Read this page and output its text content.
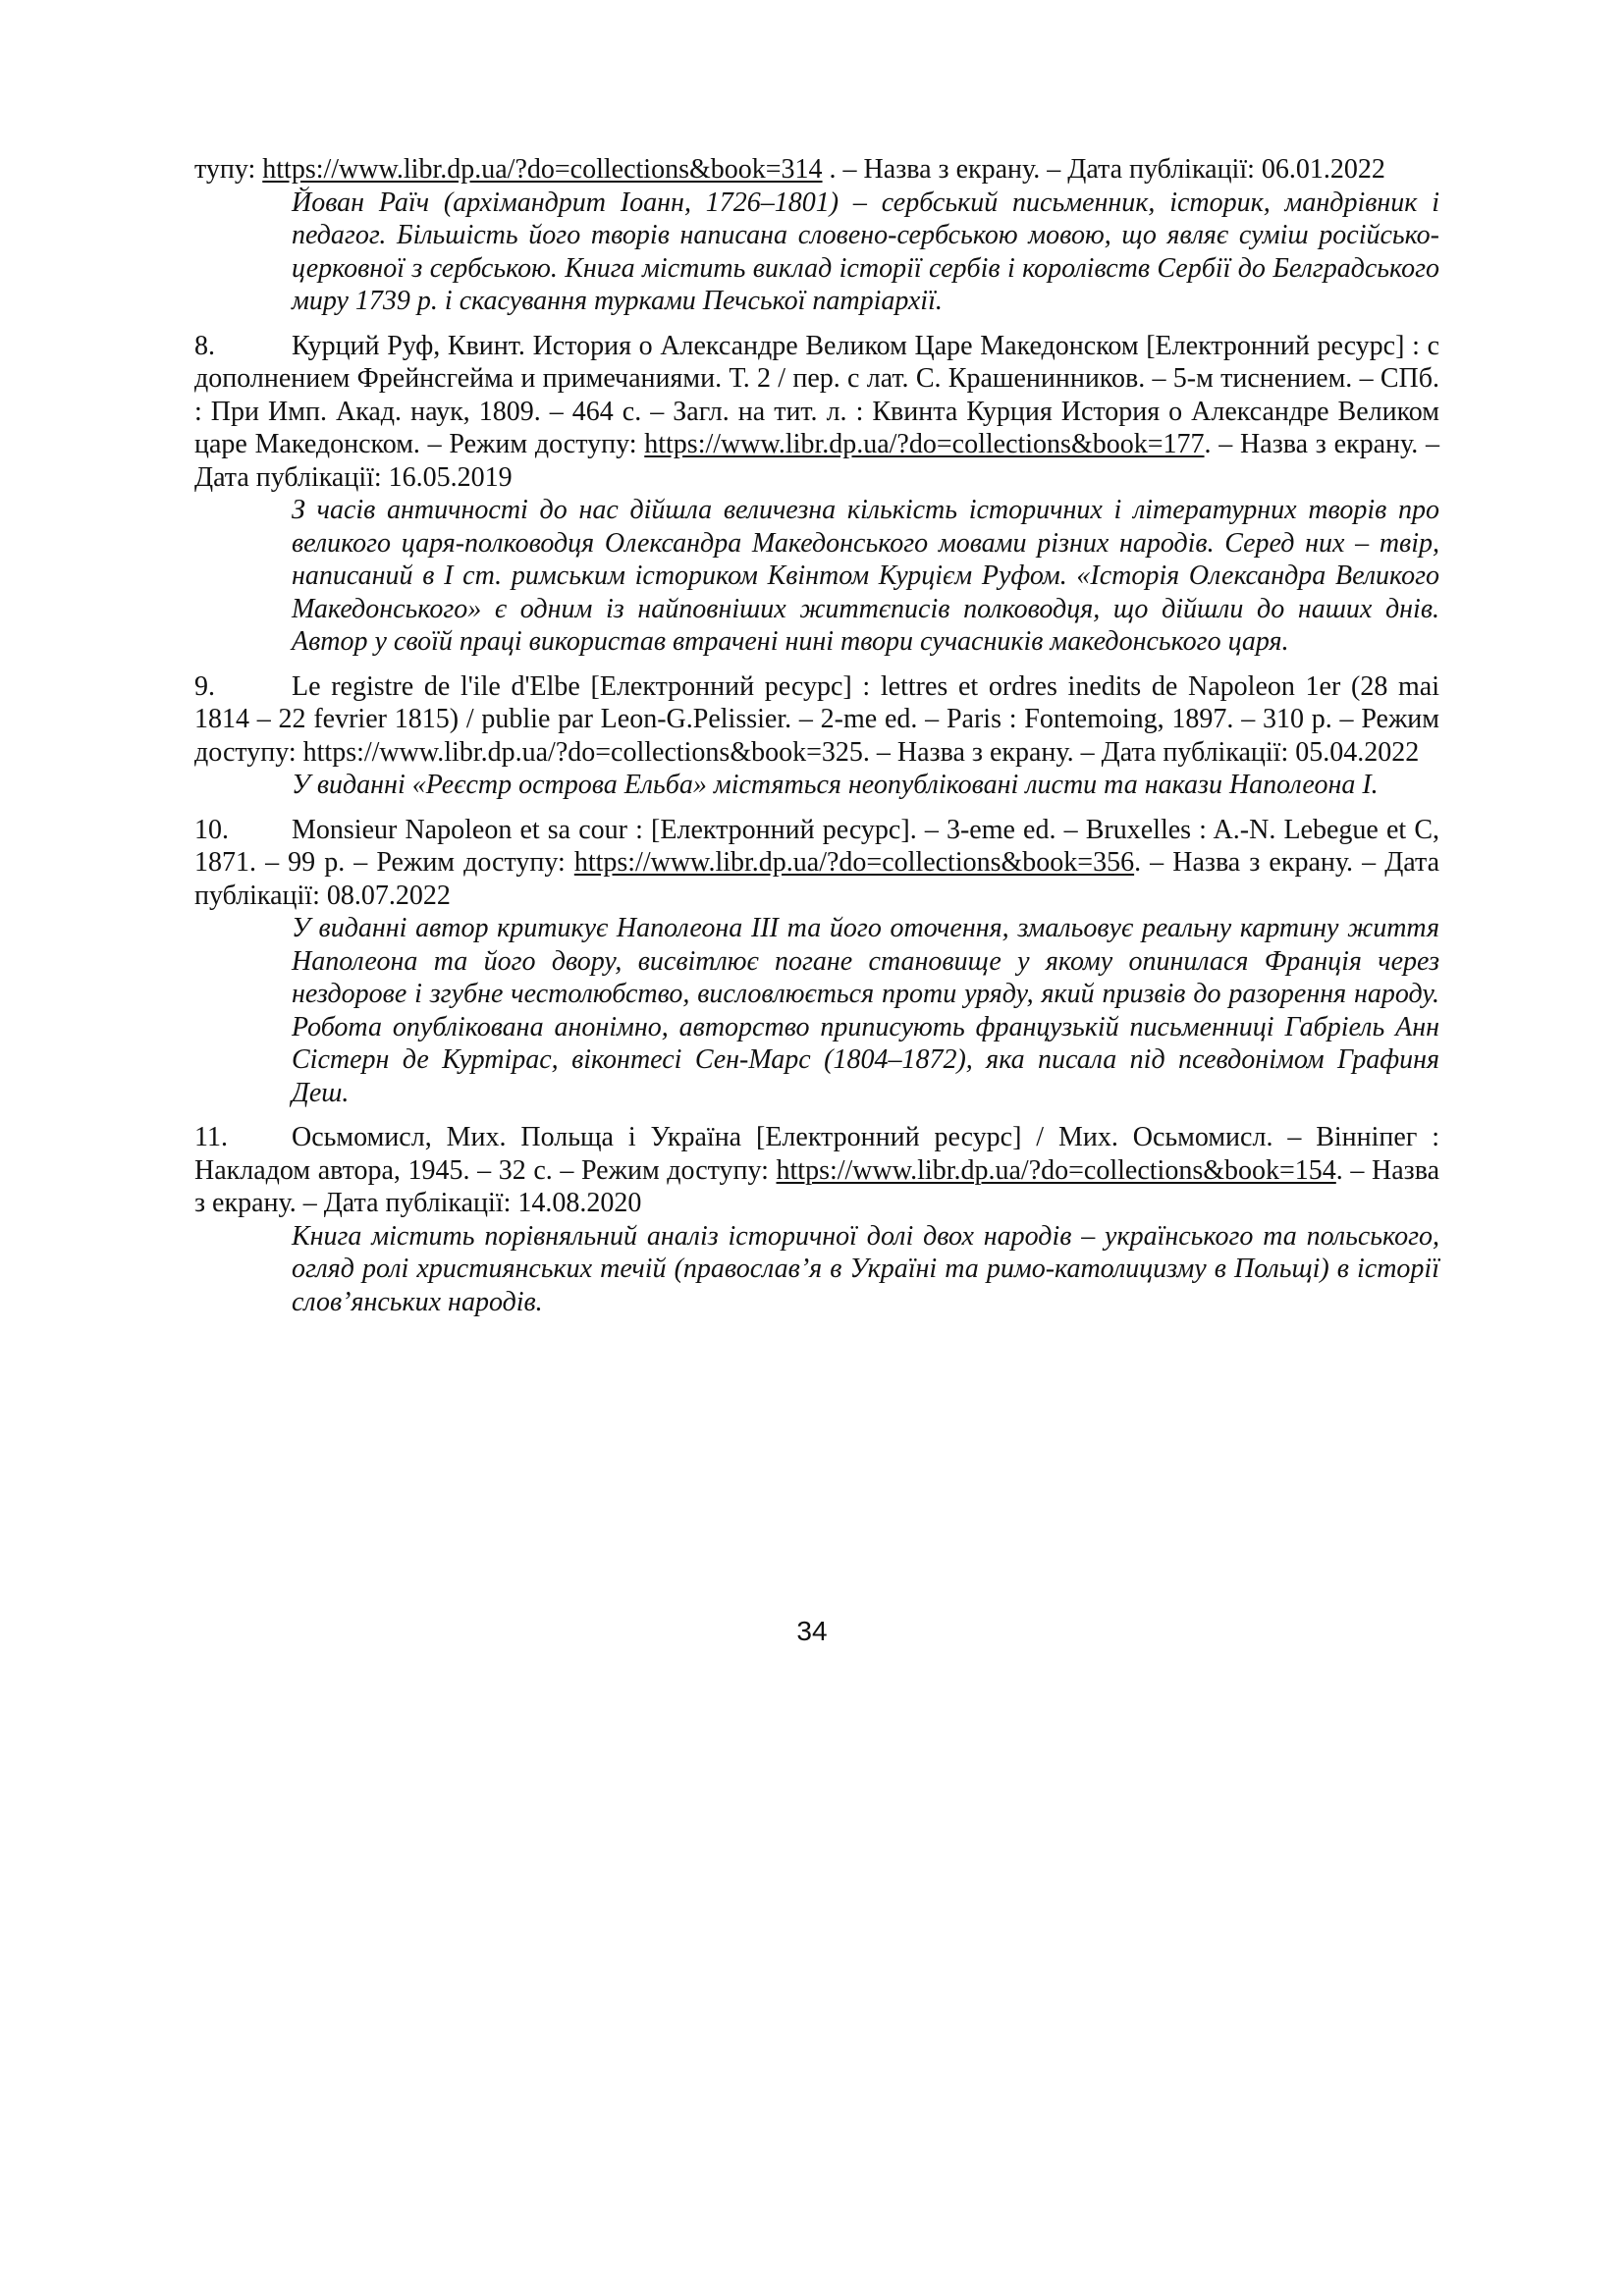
тупу: https://www.libr.dp.ua/?do=collections&book=314 . – Назва з екрану. – Дата публікації: 06.01.2022

Йован Раїч (архімандрит Іоанн, 1726–1801) – сербський письменник, історик, мандрівник і педагог. Більшість його творів написана словено-сербською мовою, що являє суміш російсько-церковної з сербською. Книга містить виклад історії сербів і королівств Сербії до Белградського миру 1739 р. і скасування турками Печської патріархії.

8.	Курций Руф, Квинт. История о Александре Великом Царе Македонском [Електронний ресурс] : с дополнением Фрейнсгейма и примечаниями. Т. 2 / пер. с лат. С. Крашенинников. – 5-м тиснением. – СПб. : При Имп. Акад. наук, 1809. – 464 с. – Загл. на тит. л. : Квинта Курция История о Александре Великом царе Македонском. – Режим доступу: https://www.libr.dp.ua/?do=collections&book=177. – Назва з екрану. – Дата публікації: 16.05.2019

З часів античності до нас дійшла величезна кількість історичних і літературних творів про великого царя-полководця Олександра Македонського мовами різних народів. Серед них – твір, написаний в І ст. римським істориком Квінтом Курцієм Руфом. «Історія Олександра Великого Македонського» є одним із найповніших життєписів полководця, що дійшли до наших днів. Автор у своїй праці використав втрачені нині твори сучасників македонського царя.

9.	Le registre de l'ile d'Elbe [Електронний ресурс] : lettres et ordres inedits de Napoleon 1er (28 mai 1814 – 22 fevrier 1815) / publie par Leon-G.Pelissier. – 2-me ed. – Paris : Fontemoing, 1897. – 310 p. – Режим доступу: https://www.libr.dp.ua/?do=collections&book=325. – Назва з екрану. – Дата публікації: 05.04.2022

У виданні «Реєстр острова Ельба» містяться неопубліковані листи та накази Наполеона І.

10. Monsieur Napoleon et sa cour : [Електронний ресурс]. – 3-eme ed. – Bruxelles : A.-N. Lebegue et C, 1871. – 99 p. – Режим доступу: https://www.libr.dp.ua/?do=collections&book=356. – Назва з екрану. – Дата публікації: 08.07.2022

У виданні автор критикує Наполеона ІІІ та його оточення, змальовує реальну картину життя Наполеона та його двору, висвітлює погане становище у якому опинилася Франція через нездорове і згубне честолюбство, висловлюється проти уряду, який призвів до разорення народу. Робота опублікована анонімно, авторство приписують французькій письменниці Габріель Анн Сістерн де Куртірас, віконтесі Сен-Марс (1804–1872), яка писала під псевдонімом Графиня Деш.

11. Осьмомисл, Мих. Польща і Україна [Електронний ресурс] / Мих. Осьмомисл. – Вінніпег : Накладом автора, 1945. – 32 с. – Режим доступу: https://www.libr.dp.ua/?do=collections&book=154. – Назва з екрану. – Дата публікації: 14.08.2020

Книга містить порівняльний аналіз історичної долі двох народів – українського та польського, огляд ролі християнських течій (православ’я в Україні та римо-католицизму в Польщі) в історії слов’янських народів.

34
